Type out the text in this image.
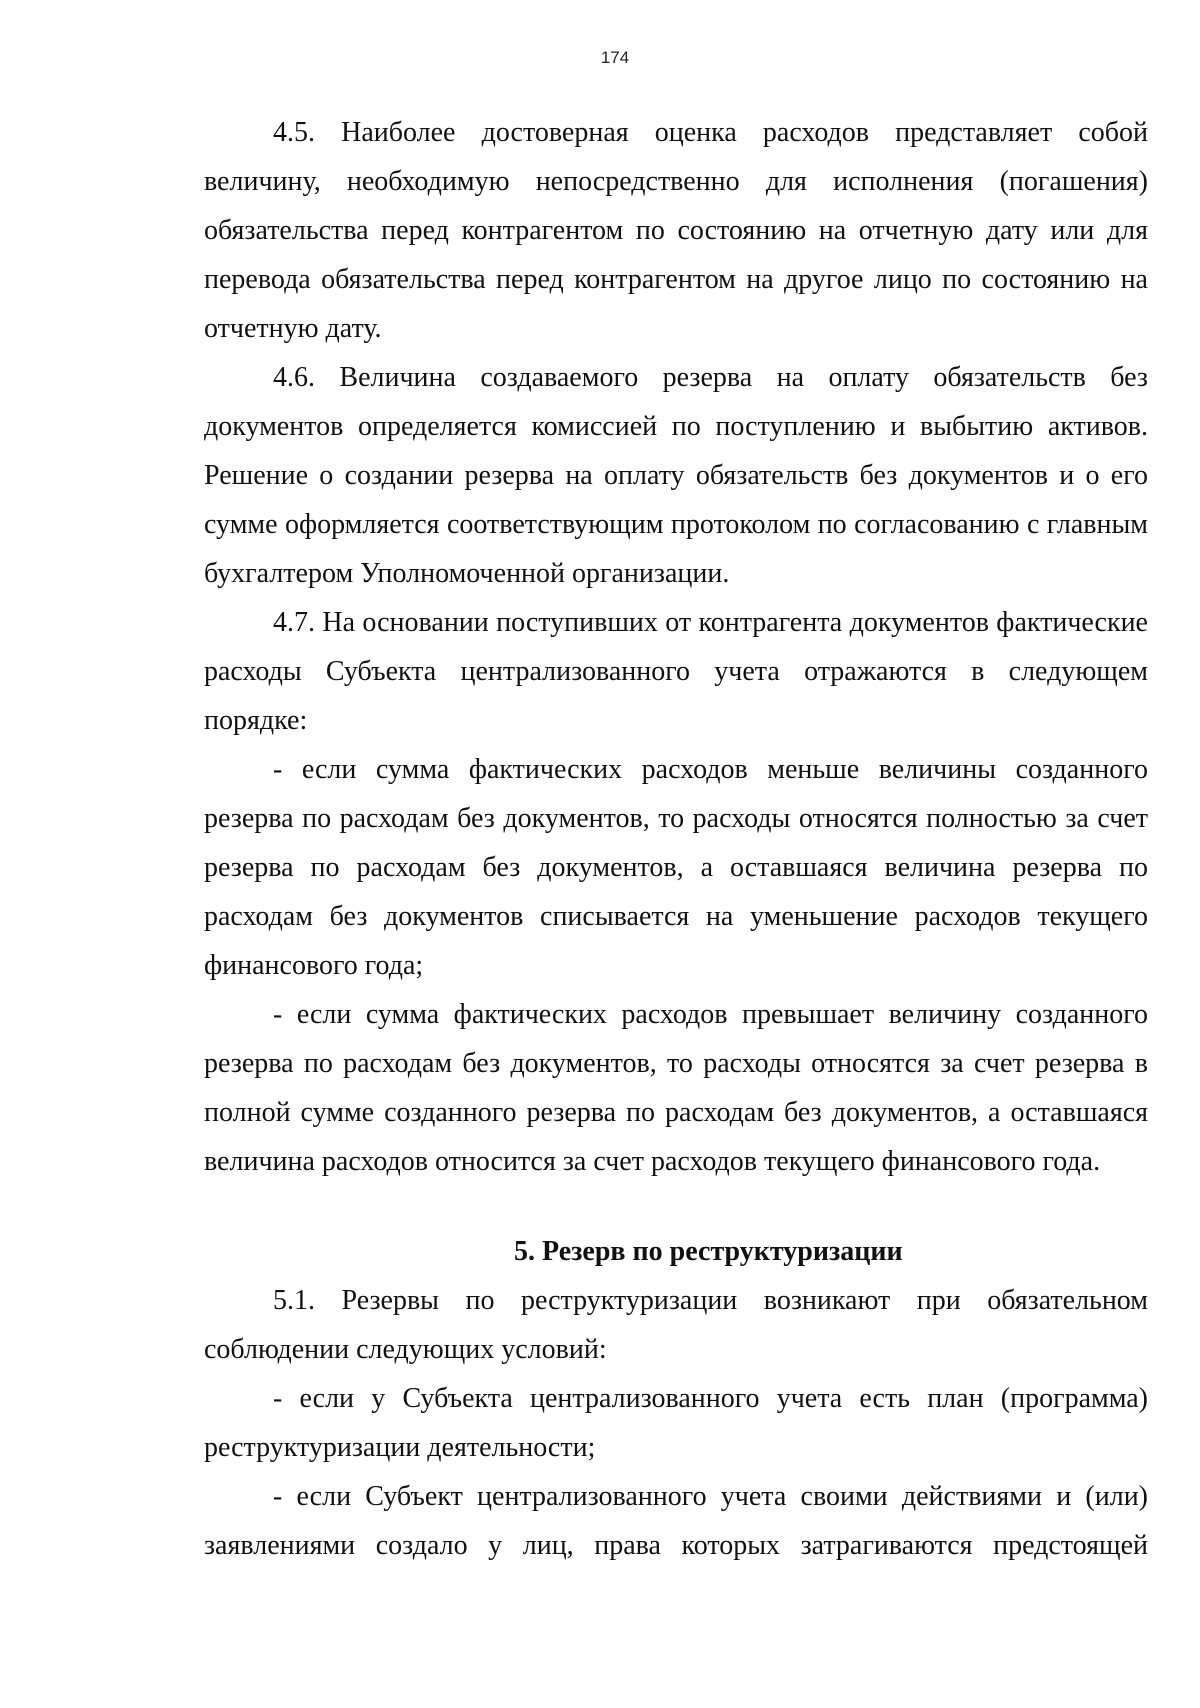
174

4.5. Наиболее достоверная оценка расходов представляет собой величину, необходимую непосредственно для исполнения (погашения) обязательства перед контрагентом по состоянию на отчетную дату или для перевода обязательства перед контрагентом на другое лицо по состоянию на отчетную дату.

4.6. Величина создаваемого резерва на оплату обязательств без документов определяется комиссией по поступлению и выбытию активов. Решение о создании резерва на оплату обязательств без документов и о его сумме оформляется соответствующим протоколом по согласованию с главным бухгалтером Уполномоченной организации.

4.7. На основании поступивших от контрагента документов фактические расходы Субъекта централизованного учета отражаются в следующем порядке:

- если сумма фактических расходов меньше величины созданного резерва по расходам без документов, то расходы относятся полностью за счет резерва по расходам без документов, а оставшаяся величина резерва по расходам без документов списывается на уменьшение расходов текущего финансового года;

- если сумма фактических расходов превышает величину созданного резерва по расходам без документов, то расходы относятся за счет резерва в полной сумме созданного резерва по расходам без документов, а оставшаяся величина расходов относится за счет расходов текущего финансового года.

5. Резерв по реструктуризации

5.1. Резервы по реструктуризации возникают при обязательном соблюдении следующих условий:

- если у Субъекта централизованного учета есть план (программа) реструктуризации деятельности;

- если Субъект централизованного учета своими действиями и (или) заявлениями создало у лиц, права которых затрагиваются предстоящей
